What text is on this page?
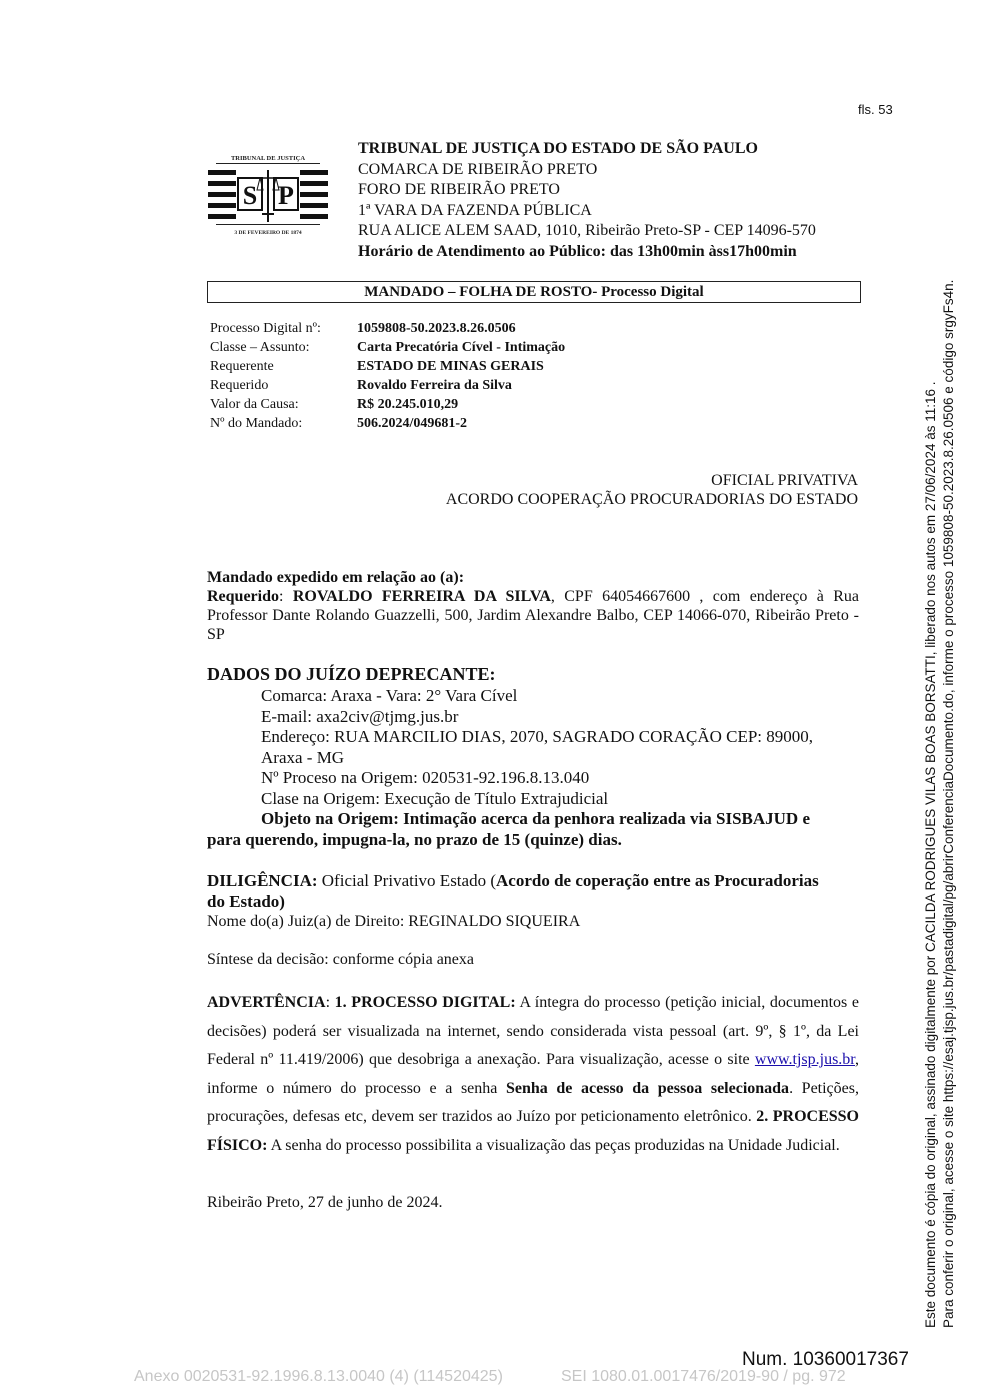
fls. 53
TRIBUNAL DE JUSTIÇA
S P
3 DE FEVEREIRO DE 1874
TRIBUNAL DE JUSTIÇA DO ESTADO DE SÃO PAULO
COMARCA DE RIBEIRÃO PRETO
FORO DE RIBEIRÃO PRETO
1ª VARA DA FAZENDA PÚBLICA
RUA ALICE ALEM SAAD, 1010, Ribeirão Preto-SP - CEP 14096-570
Horário de Atendimento ao Público: das 13h00min àss17h00min
MANDADO – FOLHA DE ROSTO- Processo Digital
Processo Digital nº:	1059808-50.2023.8.26.0506
Classe – Assunto:	Carta Precatória Cível - Intimação
Requerente	ESTADO DE MINAS GERAIS
Requerido	Rovaldo Ferreira da Silva
Valor da Causa:	R$ 20.245.010,29
Nº do Mandado:	506.2024/049681-2
OFICIAL PRIVATIVA
ACORDO COOPERAÇÃO PROCURADORIAS DO ESTADO
Mandado expedido em relação ao (a):
Requerido: ROVALDO FERREIRA DA SILVA, CPF 64054667600 , com endereço à Rua Professor Dante Rolando Guazzelli, 500, Jardim Alexandre Balbo, CEP 14066-070, Ribeirão Preto - SP
DADOS DO JUÍZO DEPRECANTE:
Comarca: Araxa - Vara: 2° Vara Cível
E-mail: axa2civ@tjmg.jus.br
Endereço: RUA MARCILIO DIAS, 2070, SAGRADO CORAÇÃO CEP: 89000,
Araxa - MG
Nº Proceso na Origem: 020531-92.196.8.13.040
Clase na Origem: Execução de Título Extrajudicial
Objeto na Origem: Intimação acerca da penhora realizada via SISBAJUD e
para querendo, impugna-la, no prazo de 15 (quinze) dias.
DILIGÊNCIA: Oficial Privativo Estado (Acordo de coperação entre as Procuradorias
do Estado)
Nome do(a) Juiz(a) de Direito: REGINALDO SIQUEIRA
Síntese da decisão: conforme cópia anexa
ADVERTÊNCIA: 1. PROCESSO DIGITAL: A íntegra do processo (petição inicial, documentos e decisões) poderá ser visualizada na internet, sendo considerada vista pessoal (art. 9º, § 1º, da Lei Federal nº 11.419/2006) que desobriga a anexação. Para visualização, acesse o site www.tjsp.jus.br, informe o número do processo e a senha Senha de acesso da pessoa selecionada. Petições, procurações, defesas etc, devem ser trazidos ao Juízo por peticionamento eletrônico. 2. PROCESSO FÍSICO: A senha do processo possibilita a visualização das peças produzidas na Unidade Judicial.
Ribeirão Preto, 27 de junho de 2024.	Este documento é cópia do original, assinado digitalmente por CACILDA RODRIGUES VILAS BOAS BORSATTI, liberado nos autos em 27/06/2024 às 11:16 . Para conferir o original, acesse o site https://esaj.tjsp.jus.br/pastadigital/pg/abrirConferenciaDocumento.do, informe o processo 1059808-50.2023.8.26.0506 e código srgyFs4n.
Num. 10360017367
Anexo 0020531-92.1996.8.13.0040 (4) (114520425)	SEI 1080.01.0017476/2019-90 / pg. 972
